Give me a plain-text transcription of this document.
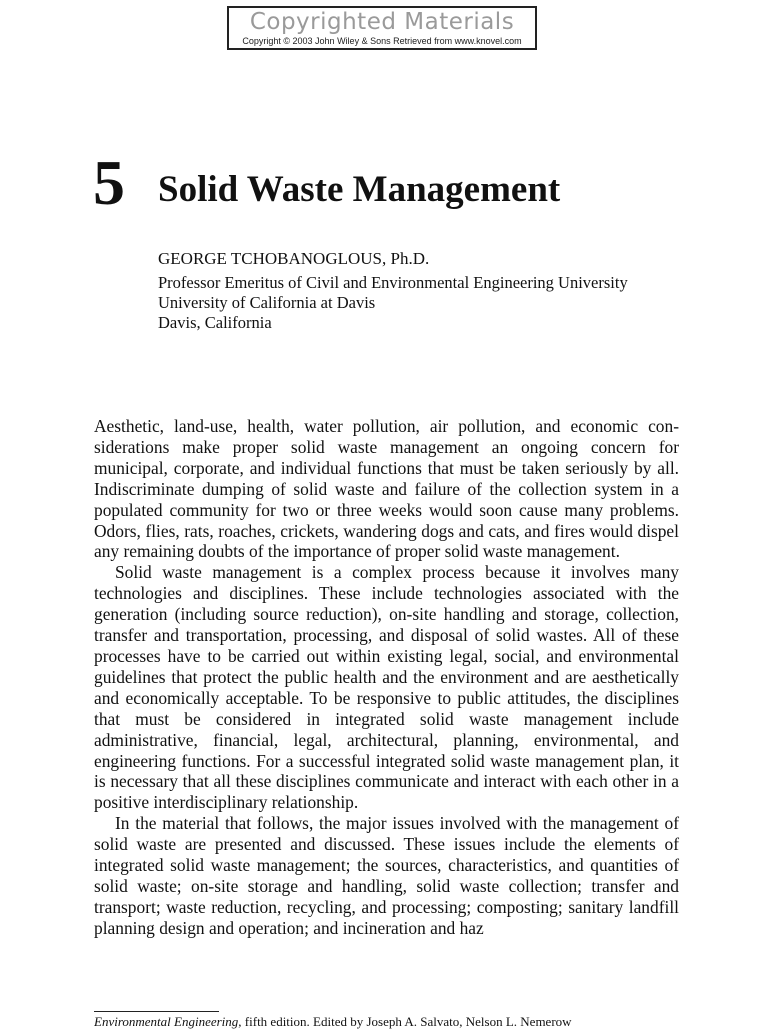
Copyrighted Materials
Copyright © 2003 John Wiley & Sons Retrieved from www.knovel.com
5 Solid Waste Management
GEORGE TCHOBANOGLOUS, Ph.D.
Professor Emeritus of Civil and Environmental Engineering University
University of California at Davis
Davis, California

Aesthetic, land-use, health, water pollution, air pollution, and economic considerations make proper solid waste management an ongoing concern for municipal, corporate, and individual functions that must be taken seriously by all. Indiscriminate dumping of solid waste and failure of the collection system in a populated community for two or three weeks would soon cause many problems. Odors, flies, rats, roaches, crickets, wandering dogs and cats, and fires would dispel any remaining doubts of the importance of proper solid waste management.

Solid waste management is a complex process because it involves many technologies and disciplines. These include technologies associated with the generation (including source reduction), on-site handling and storage, collection, transfer and transportation, processing, and disposal of solid wastes. All of these processes have to be carried out within existing legal, social, and environmental guidelines that protect the public health and the environment and are aesthetically and economically acceptable. To be responsive to public attitudes, the disciplines that must be considered in integrated solid waste management include administrative, financial, legal, architectural, planning, environmental, and engineering functions. For a successful integrated solid waste management plan, it is necessary that all these disciplines communicate and interact with each other in a positive interdisciplinary relationship.

In the material that follows, the major issues involved with the management of solid waste are presented and discussed. These issues include the elements of integrated solid waste management; the sources, characteristics, and quantities of solid waste; on-site storage and handling, solid waste collection; transfer and transport; waste reduction, recycling, and processing; composting; sanitary landfill planning design and operation; and incineration and haz

Environmental Engineering, fifth edition. Edited by Joseph A. Salvato, Nelson L. Nemerow
